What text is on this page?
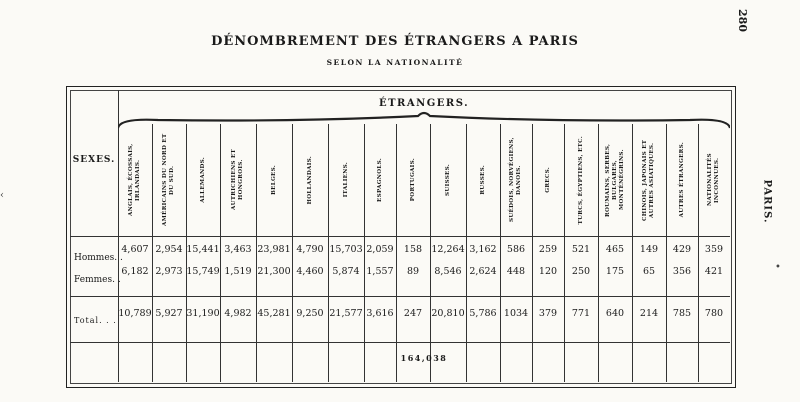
280
DÉNOMBREMENT DES ÉTRANGERS A PARIS
SELON LA NATIONALITÉ
PARIS.
ÉTRANGERS.
SEXES.	ANGLAIS, ÉCOSSAIS, IRLANDAIS.
4,607
6,182
10,789
AMÉRICAINS DU NORD ET DU SUD.
2,954
2,973
5,927
ALLEMANDS.
15,441
15,749
31,190
AUTRICHIENS ET HONGROIS.
3,463
1,519
4,982
BELGES.
23,981
21,300
45,281
HOLLANDAIS.
4,790
4,460
9,250
ITALIENS.
15,703
5,874
21,577
ESPAGNOLS.
2,059
1,557
3,616
PORTUGAIS.
158
89
247
SUISSES.
12,264
8,546
20,810
RUSSES.
3,162
2,624
5,786
SUÉDOIS, NORVÉGIENS, DANOIS.
586
448
1034
GRECS.
259
120
379
TURCS, ÉGYPTIENS, ETC.
521
250
771
ROUMAINS, SERBES, BULGARES, MONTÉNÉGRINS.
465
175
640
CHINOIS, JAPONAIS ET AUTRES ASIATIQUES.
149
65
214
AUTRES ÉTRANGERS.
429
356
785
NATIONALITÉS INCONNUES.
359
421
780
Hommes. .
Femmes. .
Total. . .
164,038
‹
•
